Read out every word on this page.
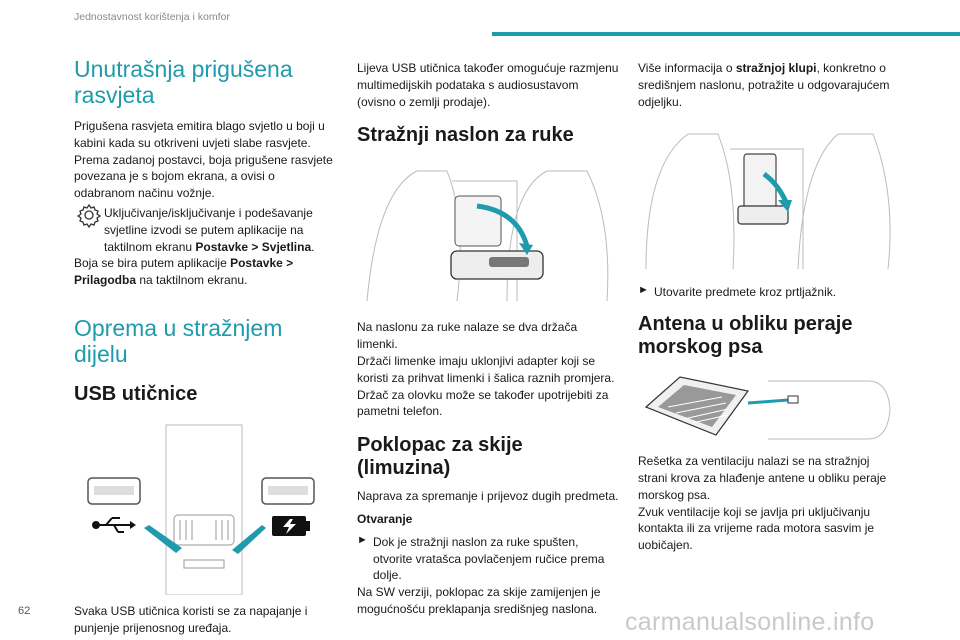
Jednostavnost korištenja i komfor
Unutrašnja prigušena rasvjeta

Prigušena rasvjeta emitira blago svjetlo u boji u kabini kada su otkriveni uvjeti slabe rasvjete. Prema zadanoj postavci, boja prigušene rasvjete povezana je s bojom ekrana, a ovisi o odabranom načinu vožnje.

Uključivanje/isključivanje i podešavanje svjetline izvodi se putem aplikacije na taktilnom ekranu Postavke > Svjetlina.

Boja se bira putem aplikacije Postavke > Prilagodba na taktilnom ekranu.

Oprema u stražnjem dijelu
USB utičnice

Svaka USB utičnica koristi se za napajanje i punjenje prijenosnog uređaja.

Lijeva USB utičnica također omogućuje razmjenu multimedijskih podataka s audiosustavom (ovisno o zemlji prodaje).

Stražnji naslon za ruke

Na naslonu za ruke nalaze se dva držača limenki.

Držači limenke imaju uklonjivi adapter koji se koristi za prihvat limenki i šalica raznih promjera.

Držač za olovku može se također upotrijebiti za pametni telefon.

Poklopac za skije (limuzina)

Naprava za spremanje i prijevoz dugih predmeta.

Otvaranje

► Dok je stražnji naslon za ruke spušten, otvorite vratašca povlačenjem ručice prema dolje.

Na SW verziji, poklopac za skije zamijenjen je mogućnošću preklapanja središnjeg naslona.

Više informacija o stražnjoj klupi, konkretno o središnjem naslonu, potražite u odgovarajućem odjeljku.

► Utovarite predmete kroz prtljažnik.

Antena u obliku peraje morskog psa

Rešetka za ventilaciju nalazi se na stražnjoj strani krova za hlađenje antene u obliku peraje morskog psa.

Zvuk ventilacije koji se javlja pri uključivanju kontakta ili za vrijeme rada motora sasvim je uobičajen.

62	carmanualsonline.info
